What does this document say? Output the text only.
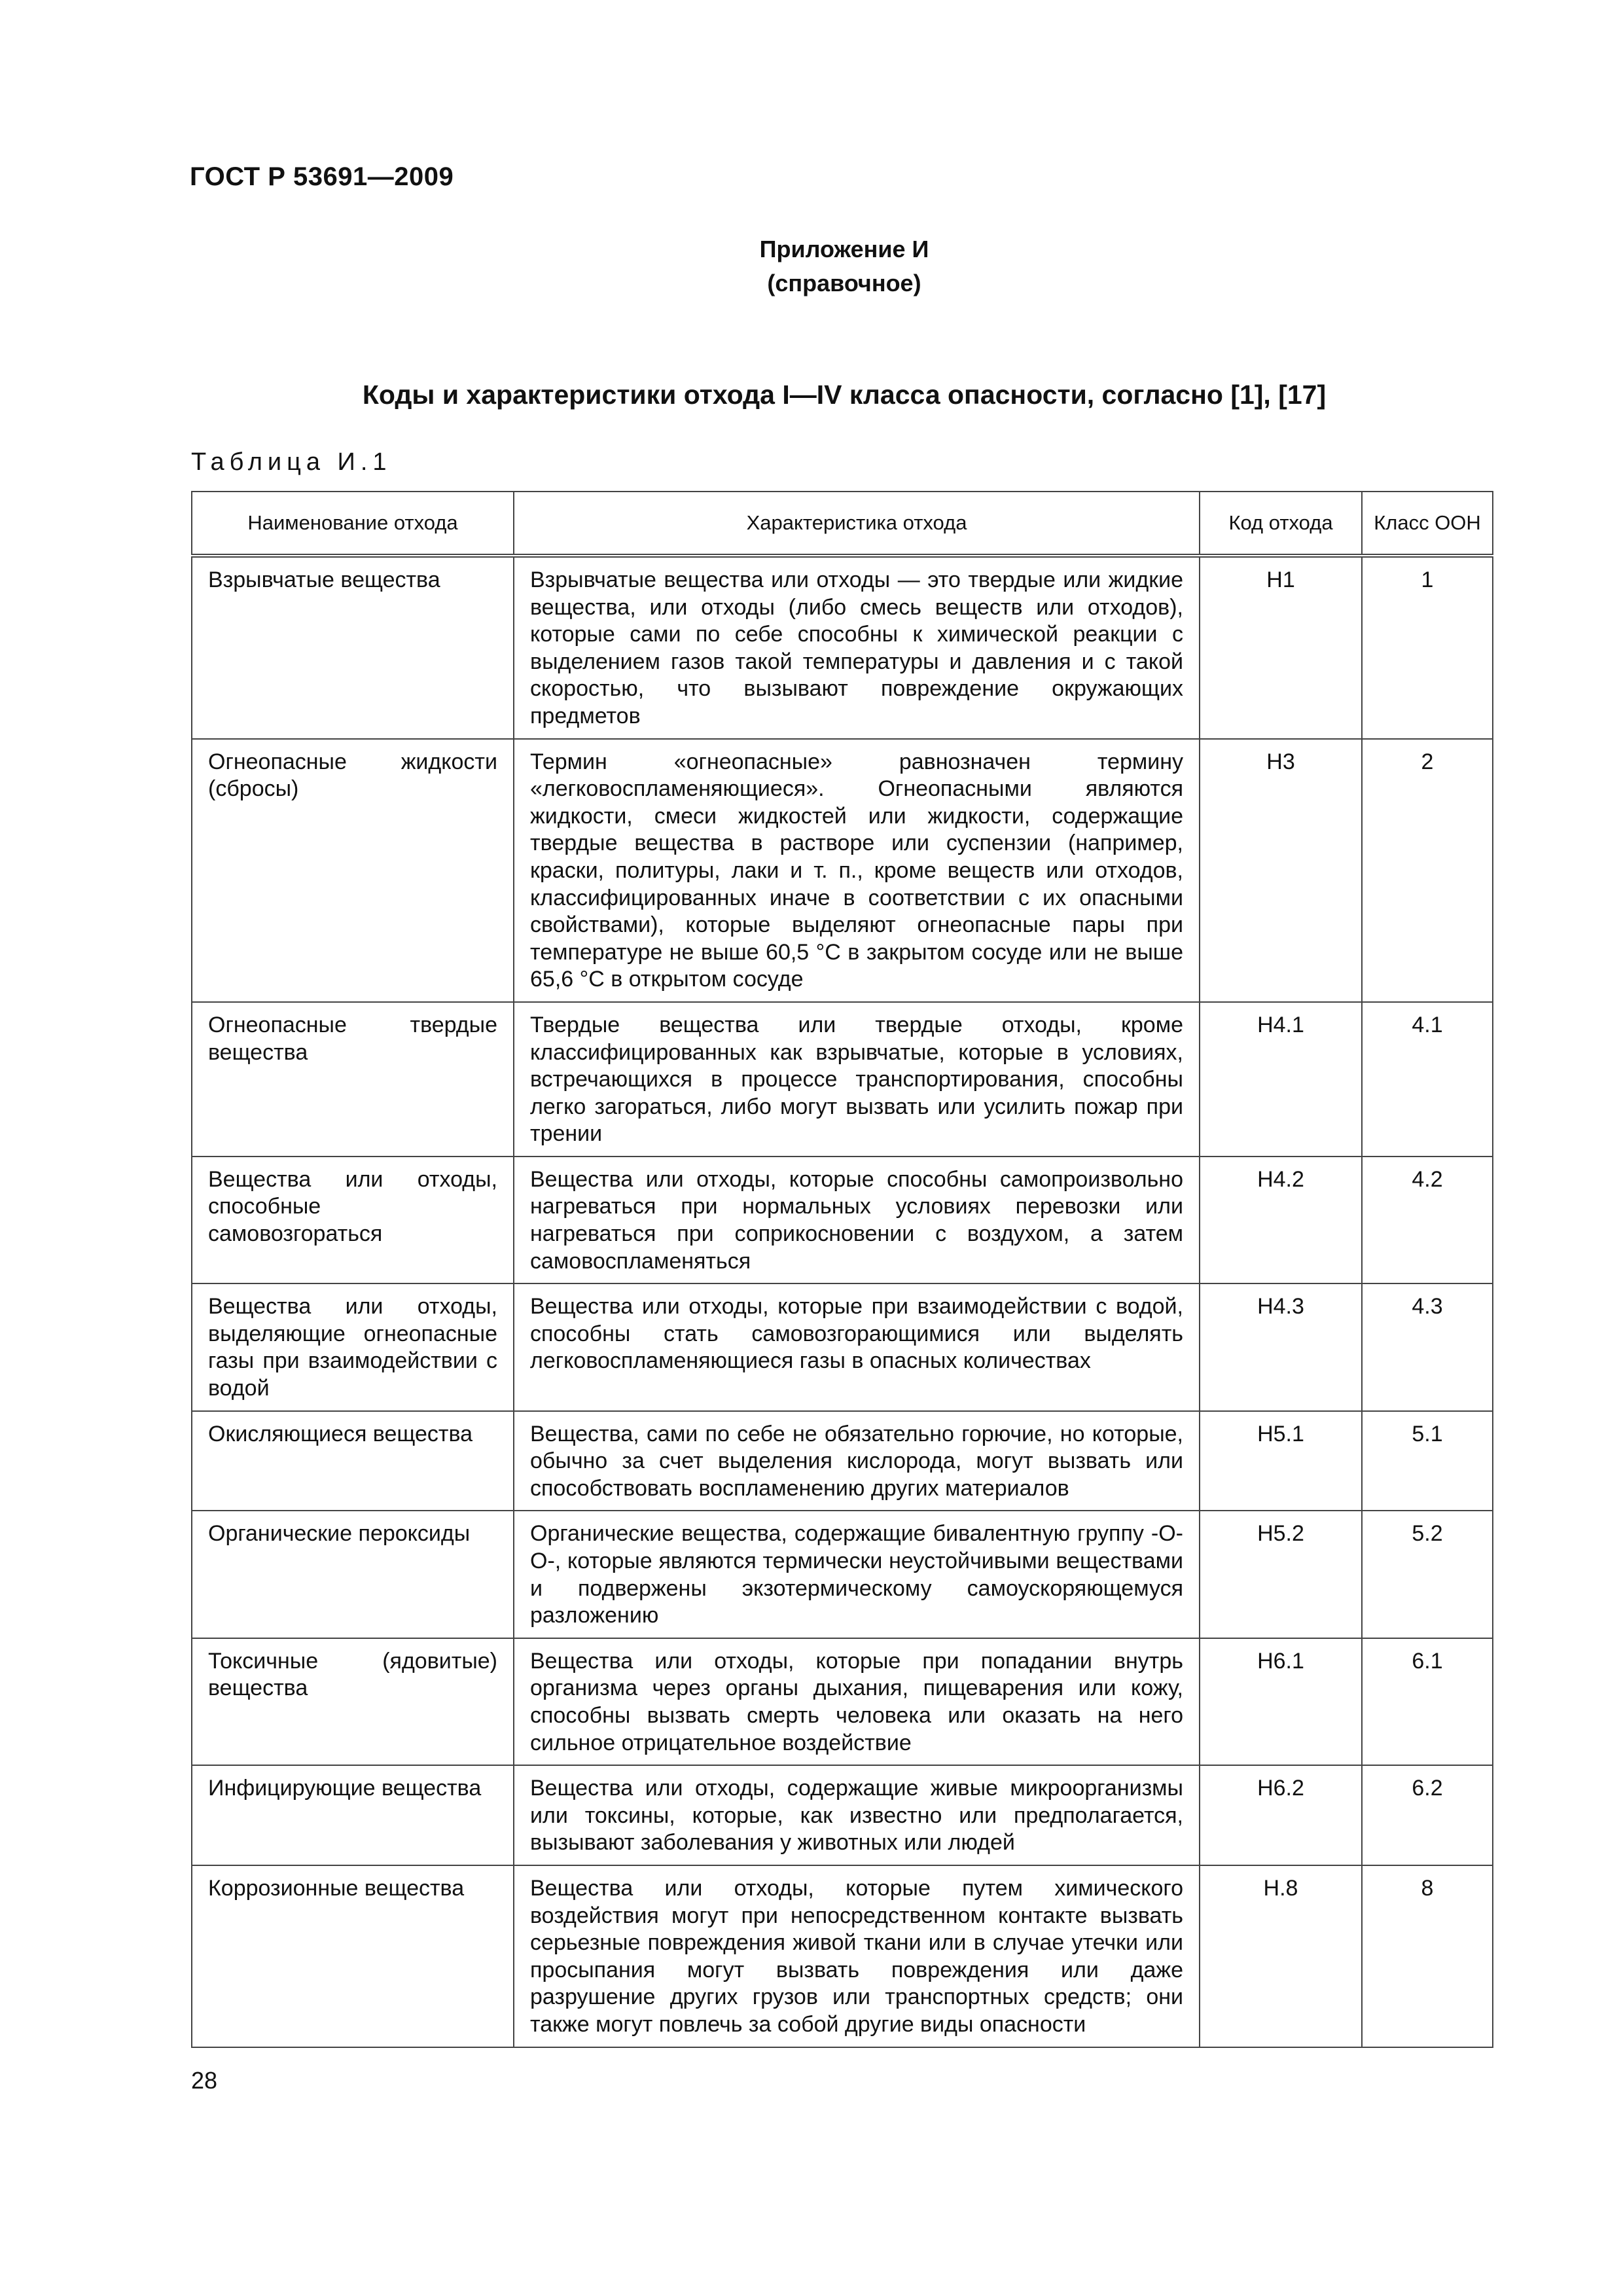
ГОСТ Р 53691—2009
Приложение И
(справочное)
Коды и характеристики отхода I—IV класса опасности, согласно [1], [17]
Таблица И.1
Наименование отхода	Характеристика отхода	Код отхода	Класс ООН
Взрывчатые вещества	Взрывчатые вещества или отходы — это твердые или жидкие вещества, или отходы (либо смесь веществ или отходов), которые сами по себе способны к химической реакции с выделением газов такой температуры и давления и с такой скоростью, что вызывают повреждение окружающих предметов	H1	1
Огнеопасные жидкости (сбросы)	Термин «огнеопасные» равнозначен термину «легковоспламеняющиеся». Огнеопасными являются жидкости, смеси жидкостей или жидкости, содержащие твердые вещества в растворе или суспензии (например, краски, политуры, лаки и т. п., кроме веществ или отходов, классифицированных иначе в соответствии с их опасными свойствами), которые выделяют огнеопасные пары при температуре не выше 60,5 °С в закрытом сосуде или не выше 65,6 °С в открытом сосуде	H3	2
Огнеопасные твердые вещества	Твердые вещества или твердые отходы, кроме классифицированных как взрывчатые, которые в условиях, встречающихся в процессе транспортирования, способны легко загораться, либо могут вызвать или усилить пожар при трении	H4.1	4.1
Вещества или отходы, способные самовозгораться	Вещества или отходы, которые способны самопроизвольно нагреваться при нормальных условиях перевозки или нагреваться при соприкосновении с воздухом, а затем самовоспламеняться	H4.2	4.2
Вещества или отходы, выделяющие огнеопасные газы при взаимодействии с водой	Вещества или отходы, которые при взаимодействии с водой, способны стать самовозгорающимися или выделять легковоспламеняющиеся газы в опасных количествах	H4.3	4.3
Окисляющиеся вещества	Вещества, сами по себе не обязательно горючие, но которые, обычно за счет выделения кислорода, могут вызвать или способствовать воспламенению других материалов	H5.1	5.1
Органические пероксиды	Органические вещества, содержащие бивалентную группу -О-О-, которые являются термически неустойчивыми веществами и подвержены экзотермическому самоускоряющемуся разложению	H5.2	5.2
Токсичные (ядовитые) вещества	Вещества или отходы, которые при попадании внутрь организма через органы дыхания, пищеварения или кожу, способны вызвать смерть человека или оказать на него сильное отрицательное воздействие	H6.1	6.1
Инфицирующие вещества	Вещества или отходы, содержащие живые микроорганизмы или токсины, которые, как известно или предполагается, вызывают заболевания у животных или людей	H6.2	6.2
Коррозионные вещества	Вещества или отходы, которые путем химического воздействия могут при непосредственном контакте вызвать серьезные повреждения живой ткани или в случае утечки или просыпания могут вызвать повреждения или даже разрушение других грузов или транспортных средств; они также могут повлечь за собой другие виды опасности	H.8	8
28
